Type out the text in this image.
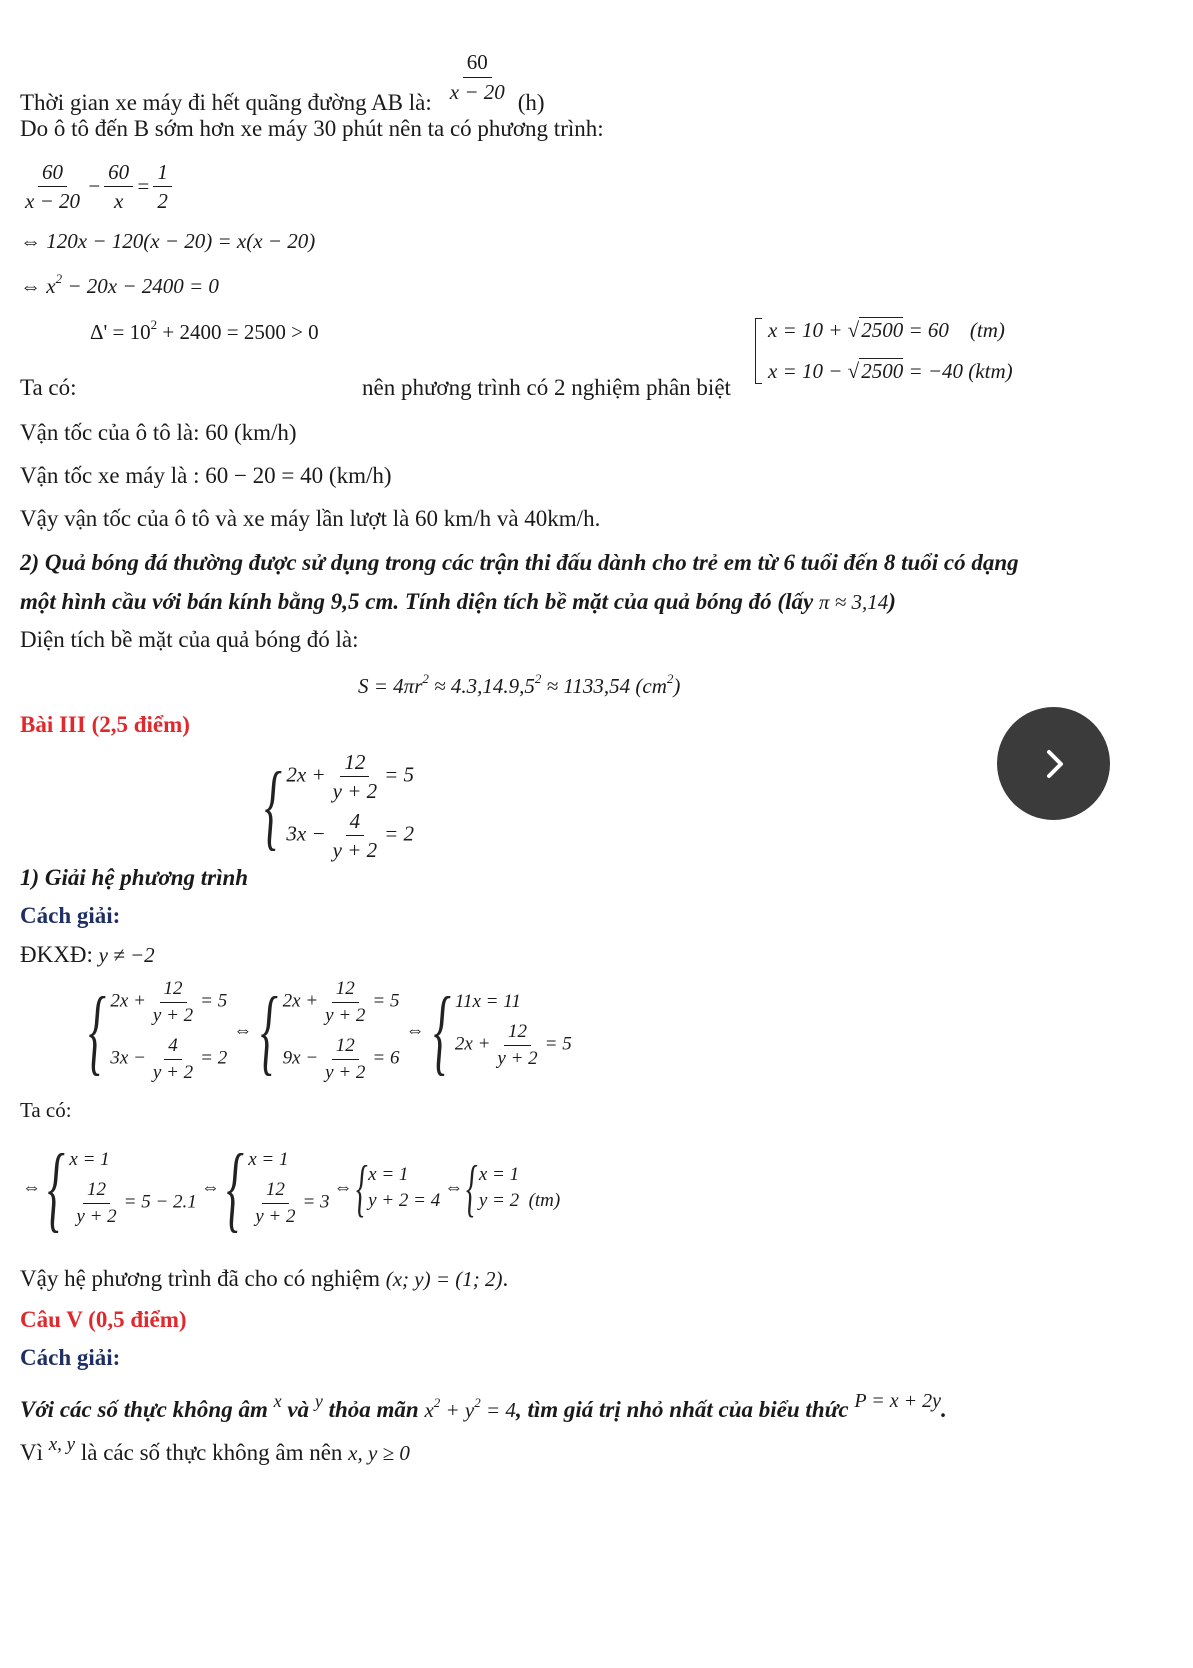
Thời gian xe máy đi hết quãng đường AB là: $\frac{60}{x - 20} (h)$
Do ô tô đến B sớm hơn xe máy 30 phút nên ta có phương trình:
$\frac{60}{x - 20} - \frac{60}{x} = \frac{1}{2}$
⇔ 120x − 120(x − 20) = x(x − 20)
⇔ $x^2 - 20x - 2400 = 0$
$\Delta' = 10^2 + 2400 = 2500 > 0$
Ta có:	nên phương trình có 2 nghiệm phân biệt
x = 10 + √2500 = 60 (tm)
x = 10 − √2500 = −40 (ktm)
Vận tốc của ô tô là: 60 (km/h)
Vận tốc xe máy là : 60 − 20 = 40 (km/h)
Vậy vận tốc của ô tô và xe máy lần lượt là 60 km/h và 40km/h.
2) Quả bóng đá thường được sử dụng trong các trận thi đấu dành cho trẻ em từ 6 tuổi đến 8 tuổi có dạng
một hình cầu với bán kính bằng 9,5 cm. Tính diện tích bề mặt của quả bóng đó (lấy π ≈ 3,14)
Diện tích bề mặt của quả bóng đó là:
$S = 4\pi r^2 \approx 4.3,14.9,5^2 \approx 1133,54$ $(cm^2)$
Bài III (2,5 điểm)
1) Giải hệ phương trình
{ $2x + \frac{12}{y + 2} = 5$
$3x - \frac{4}{y + 2} = 2$
Cách giải:
ĐKXĐ: y ≠ −2
Ta có:
{ $2x + \frac{12}{y + 2} = 5$
$3x - \frac{4}{y + 2} = 2$
⇔ { $2x + \frac{12}{y + 2} = 5$
$9x - \frac{12}{y + 2} = 6$
⇔ { 11x = 11
$2x + \frac{12}{y + 2} = 5$
⇔ { x = 1
$\frac{12}{y + 2} = 5 - 2.1$
⇔ { x = 1
$\frac{12}{y + 2} = 3$
⇔ { x = 1
y + 2 = 4
⇔ { x = 1
y = 2  (tm)
Vậy hệ phương trình đã cho có nghiệm (x; y) = (1; 2).
Câu V (0,5 điểm)
Cách giải:
Với các số thực không âm $^x$ và $^y$ thỏa mãn $x^2 + y^2 = 4$, tìm giá trị nhỏ nhất của biểu thức $^{P = x + 2y}$.
Vì $^{x, y}$ là các số thực không âm nên x, y ≥ 0
